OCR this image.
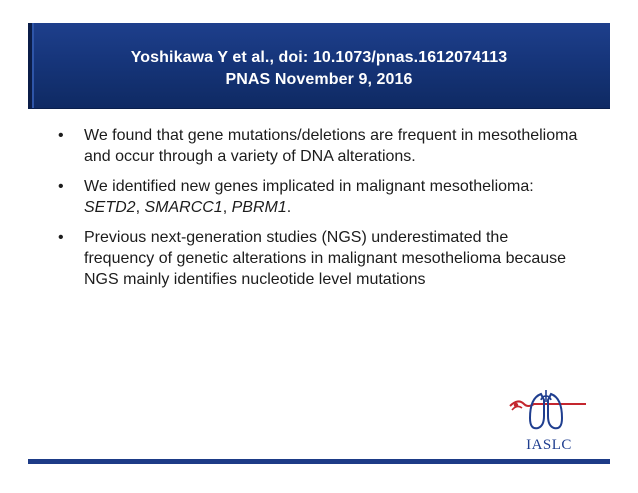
Yoshikawa Y et al., doi: 10.1073/pnas.1612074113
PNAS November 9, 2016
• We found that gene mutations/deletions are frequent in mesothelioma and occur through a variety of DNA alterations.
• We identified new genes implicated in malignant mesothelioma: SETD2, SMARCC1, PBRM1.
• Previous next-generation studies (NGS) underestimated the frequency of genetic alterations in malignant mesothelioma because NGS mainly identifies nucleotide level mutations
IASLC
